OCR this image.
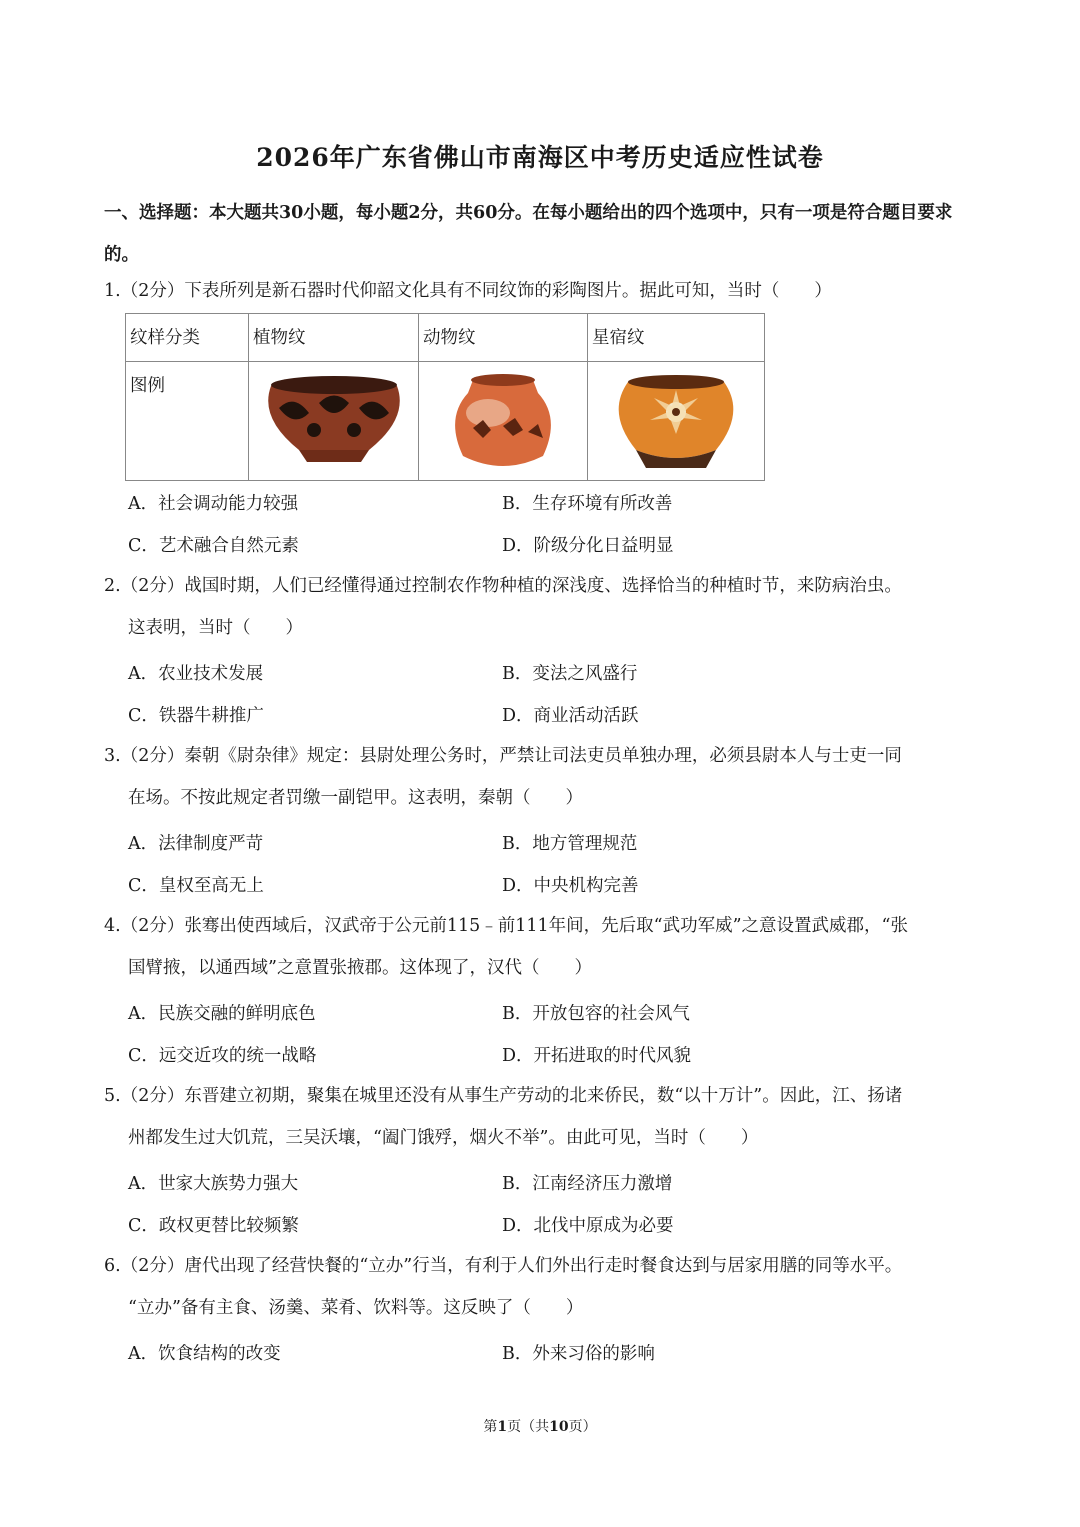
2026年广东省佛山市南海区中考历史适应性试卷
一、选择题：本大题共30小题，每小题2分，共60分。在每小题给出的四个选项中，只有一项是符合题目要求的。
1.（2分）下表所列是新石器时代仰韶文化具有不同纹饰的彩陶图片。据此可知，当时（　　）
纹样分类	植物纹	动物纹	星宿纹
图例	

A．社会调动能力较强	B．生存环境有所改善
C．艺术融合自然元素	D．阶级分化日益明显
2.（2分）战国时期，人们已经懂得通过控制农作物种植的深浅度、选择恰当的种植时节，来防病治虫。
这表明，当时（　　）
A．农业技术发展	B．变法之风盛行
C．铁器牛耕推广	D．商业活动活跃
3.（2分）秦朝《尉杂律》规定：县尉处理公务时，严禁让司法吏员单独办理，必须县尉本人与士吏一同
在场。不按此规定者罚缴一副铠甲。这表明，秦朝（　　）
A．法律制度严苛	B．地方管理规范
C．皇权至高无上	D．中央机构完善
4.（2分）张骞出使西域后，汉武帝于公元前115﹣前111年间，先后取“武功军威”之意设置武威郡，“张
国臂掖，以通西域”之意置张掖郡。这体现了，汉代（　　）
A．民族交融的鲜明底色	B．开放包容的社会风气
C．远交近攻的统一战略	D．开拓进取的时代风貌
5.（2分）东晋建立初期，聚集在城里还没有从事生产劳动的北来侨民，数“以十万计”。因此，江、扬诸
州都发生过大饥荒，三吴沃壤，“阖门饿殍，烟火不举”。由此可见，当时（　　）
A．世家大族势力强大	B．江南经济压力激增
C．政权更替比较频繁	D．北伐中原成为必要
6.（2分）唐代出现了经营快餐的“立办”行当，有利于人们外出行走时餐食达到与居家用膳的同等水平。
“立办”备有主食、汤羹、菜肴、饮料等。这反映了（　　）
A．饮食结构的改变	B．外来习俗的影响
第1页（共10页）
